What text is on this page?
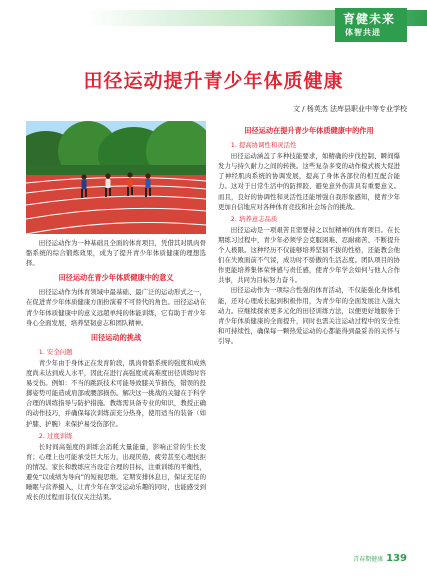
育健未来
体智共进
田径运动提升青少年体质健康
文 / 杨英杰 法库县职业中等专业学校

田径运动作为一种基础且全面的体育项目，凭借其对肌肉骨骼系统的综合锻炼效果，成为了提升青少年体质健康的理想选择。

田径运动在青少年体质健康中的意义

田径运动作为体育领域中最基础、最广泛的运动形式之一，在促进青少年体质健康方面扮演着不可替代的角色。田径运动在青少年体质健康中的意义远超单纯的体能训练，它有助于青少年身心全面发展，培养坚韧意志和团队精神。

田径运动的挑战

1. 安全问题

青少年由于身体正在发育阶段，肌肉骨骼系统的强度和成熟度尚未达到成人水平，因此在进行高强度或高难度田径训练时容易受伤。例如：不当的跳跃技术可能导致膝关节损伤，错误的投掷姿势可能造成肩部或腰部损伤。解决这一挑战的关键在于科学合理的训练指导与防护措施。教练需具备专业的知识，教授正确的动作技巧，并确保每次训练前充分热身，使用适当的装备（如护膝、护腕）来保护易受伤部位。

2. 过度训练

长时间高强度的训练会消耗大量能量，影响正常的生长发育；心理上也可能承受巨大压力，出现厌倦、疲劳甚至心理抗拒的情况。家长和教练应当设定合理的目标，注重训练的平衡性，避免“以成绩为导向”的短视思维。定期安排休息日，保证充足的睡眠与营养摄入，让青少年在享受运动乐趣的同时，也能感受到成长的过程而非仅仅关注结果。

田径运动在提升青少年体质健康中的作用

1. 提高协调性和灵活性

田径运动涵盖了多种技能要求，如精确的步伐控制、瞬间爆发力与持久耐力之间的转换。这些复杂多变的动作模式极大促进了神经肌肉系统的协调发展，提高了身体各部位的相互配合能力。这对于日常生活中的防摔跤、避免意外伤害具有重要意义。而且，良好的协调性和灵活性还能增强自我形象感知，使青少年更加自信地应对各种体育竞技和社会场合的挑战。

2. 培养意志品质

田径运动是一项艰苦且需要持之以恒精神的体育项目。在长期练习过程中，青少年必须学会克服困难、忍耐痛苦、不断提升个人极限。这种经历不仅能够培养坚韧不拔的性格，还能教会他们在失败面前不气馁，成功时不骄傲的生活态度。团队项目的协作更能培养集体荣誉感与责任感，使青少年学会如何与他人合作共事，共同为目标努力奋斗。

田径运动作为一项综合性强的体育活动，不仅能强化身体机能，还对心理成长起到积极作用，为青少年的全面发展注入强大动力。应继续探索更多元化的田径训练方法，以便更好地服务于青少年体质健康的全面提升，同时也需关注运动过程中的安全性和可持续性，确保每一颗热爱运动的心都能得到最妥善的关怀与引导。

青春期健康 139
